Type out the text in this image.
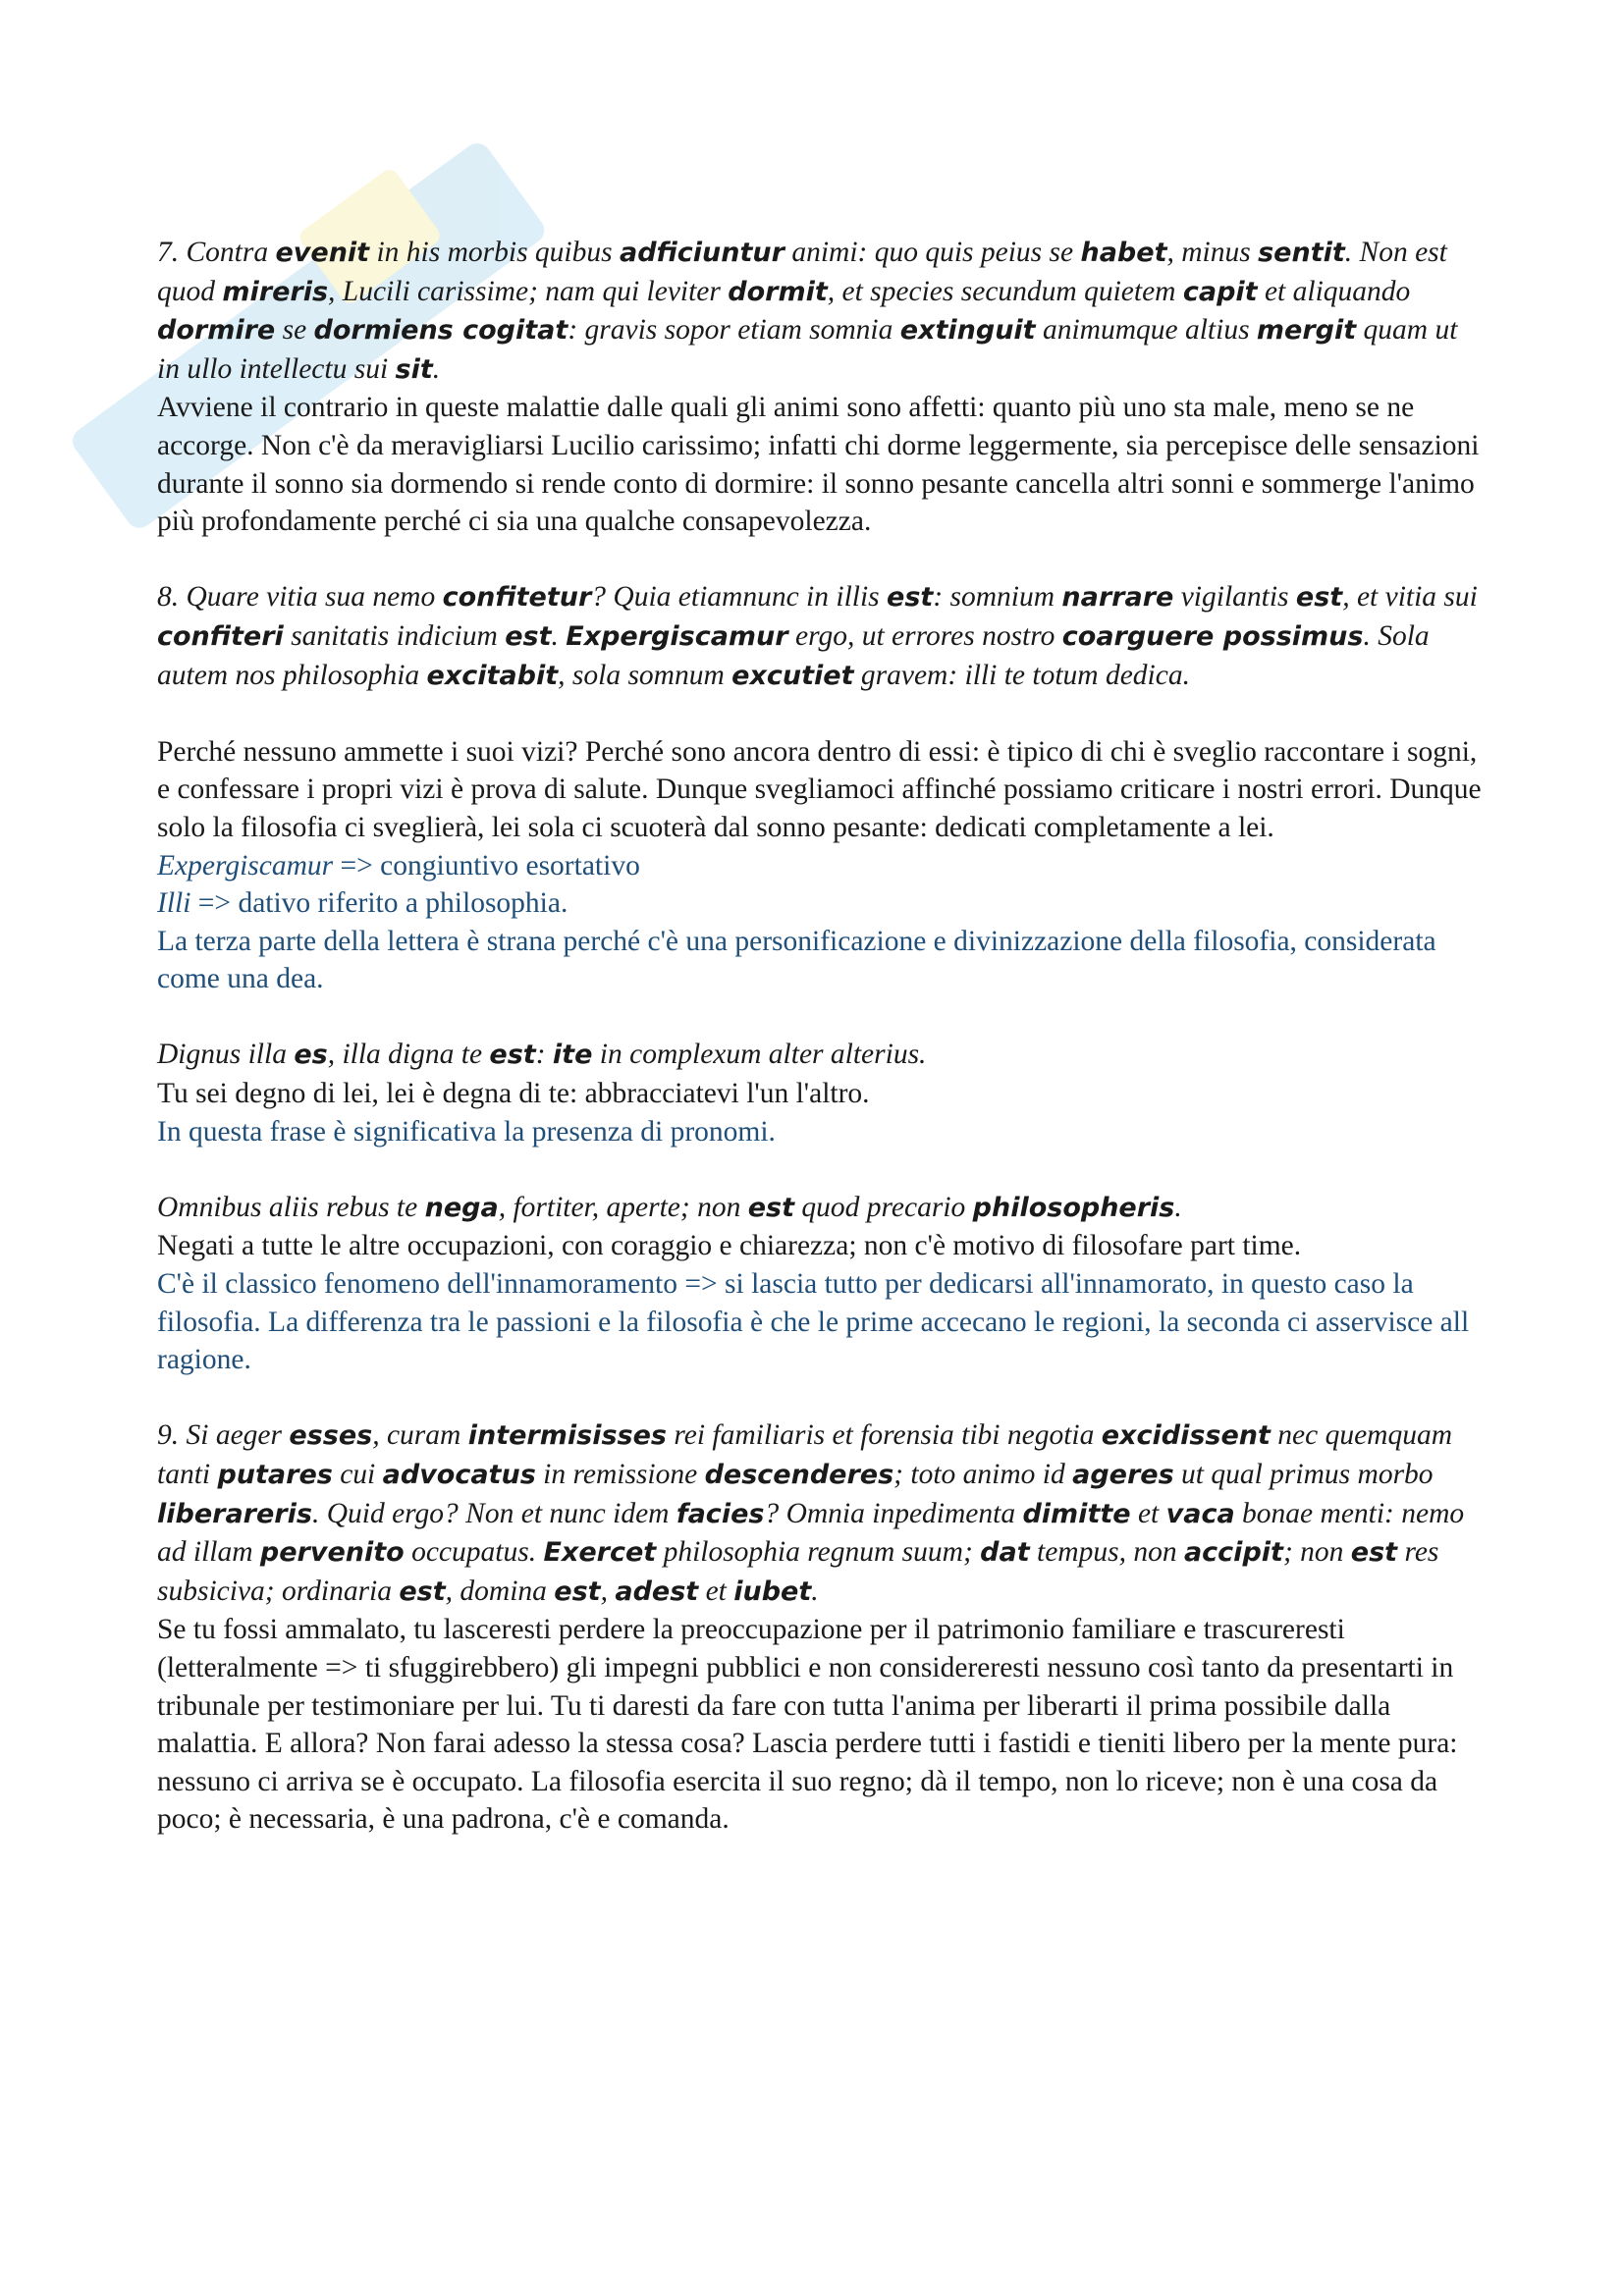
7. Contra evenit in his morbis quibus adficiuntur animi: quo quis peius se habet, minus sentit. Non est quod mireris, Lucili carissime; nam qui leviter dormit, et species secundum quietem capit et aliquando dormire se dormiens cogitat: gravis sopor etiam somnia extinguit animumque altius mergit quam ut in ullo intellectu sui sit.

Avviene il contrario in queste malattie dalle quali gli animi sono affetti: quanto più uno sta male, meno se ne accorge. Non c'è da meravigliarsi Lucilio carissimo; infatti chi dorme leggermente, sia percepisce delle sensazioni durante il sonno sia dormendo si rende conto di dormire: il sonno pesante cancella altri sonni e sommerge l'animo più profondamente perché ci sia una qualche consapevolezza.

8. Quare vitia sua nemo confitetur? Quia etiamnunc in illis est: somnium narrare vigilantis est, et vitia sui confiteri sanitatis indicium est. Expergiscamur ergo, ut errores nostro coarguere possimus. Sola autem nos philosophia excitabit, sola somnum excutiet gravem: illi te totum dedica.

Perché nessuno ammette i suoi vizi? Perché sono ancora dentro di essi: è tipico di chi è sveglio raccontare i sogni, e confessare i propri vizi è prova di salute. Dunque svegliamoci affinché possiamo criticare i nostri errori. Dunque solo la filosofia ci sveglierà, lei sola ci scuoterà dal sonno pesante: dedicati completamente a lei.

Expergiscamur => congiuntivo esortativo

Illi => dativo riferito a philosophia.

La terza parte della lettera è strana perché c'è una personificazione e divinizzazione della filosofia, considerata come una dea.

Dignus illa es, illa digna te est: ite in complexum alter alterius.

Tu sei degno di lei, lei è degna di te: abbracciatevi l'un l'altro.

In questa frase è significativa la presenza di pronomi.

Omnibus aliis rebus te nega, fortiter, aperte; non est quod precario philosopheris.

Negati a tutte le altre occupazioni, con coraggio e chiarezza; non c'è motivo di filosofare part time.

C'è il classico fenomeno dell'innamoramento => si lascia tutto per dedicarsi all'innamorato, in questo caso la filosofia. La differenza tra le passioni e la filosofia è che le prime accecano le regioni, la seconda ci asservisce all ragione.

9. Si aeger esses, curam intermisisses rei familiaris et forensia tibi negotia excidissent nec quemquam tanti putares cui advocatus in remissione descenderes; toto animo id ageres ut qual primus morbo liberareris. Quid ergo? Non et nunc idem facies? Omnia inpedimenta dimitte et vaca bonae menti: nemo ad illam pervenito occupatus. Exercet philosophia regnum suum; dat tempus, non accipit; non est res subsiciva; ordinaria est, domina est, adest et iubet.

Se tu fossi ammalato, tu lasceresti perdere la preoccupazione per il patrimonio familiare e trascureresti (letteralmente => ti sfuggirebbero) gli impegni pubblici e non considereresti nessuno così tanto da presentarti in tribunale per testimoniare per lui. Tu ti daresti da fare con tutta l'anima per liberarti il prima possibile dalla malattia. E allora? Non farai adesso la stessa cosa? Lascia perdere tutti i fastidi e tieniti libero per la mente pura: nessuno ci arriva se è occupato. La filosofia esercita il suo regno; dà il tempo, non lo riceve; non è una cosa da poco; è necessaria, è una padrona, c'è e comanda.
